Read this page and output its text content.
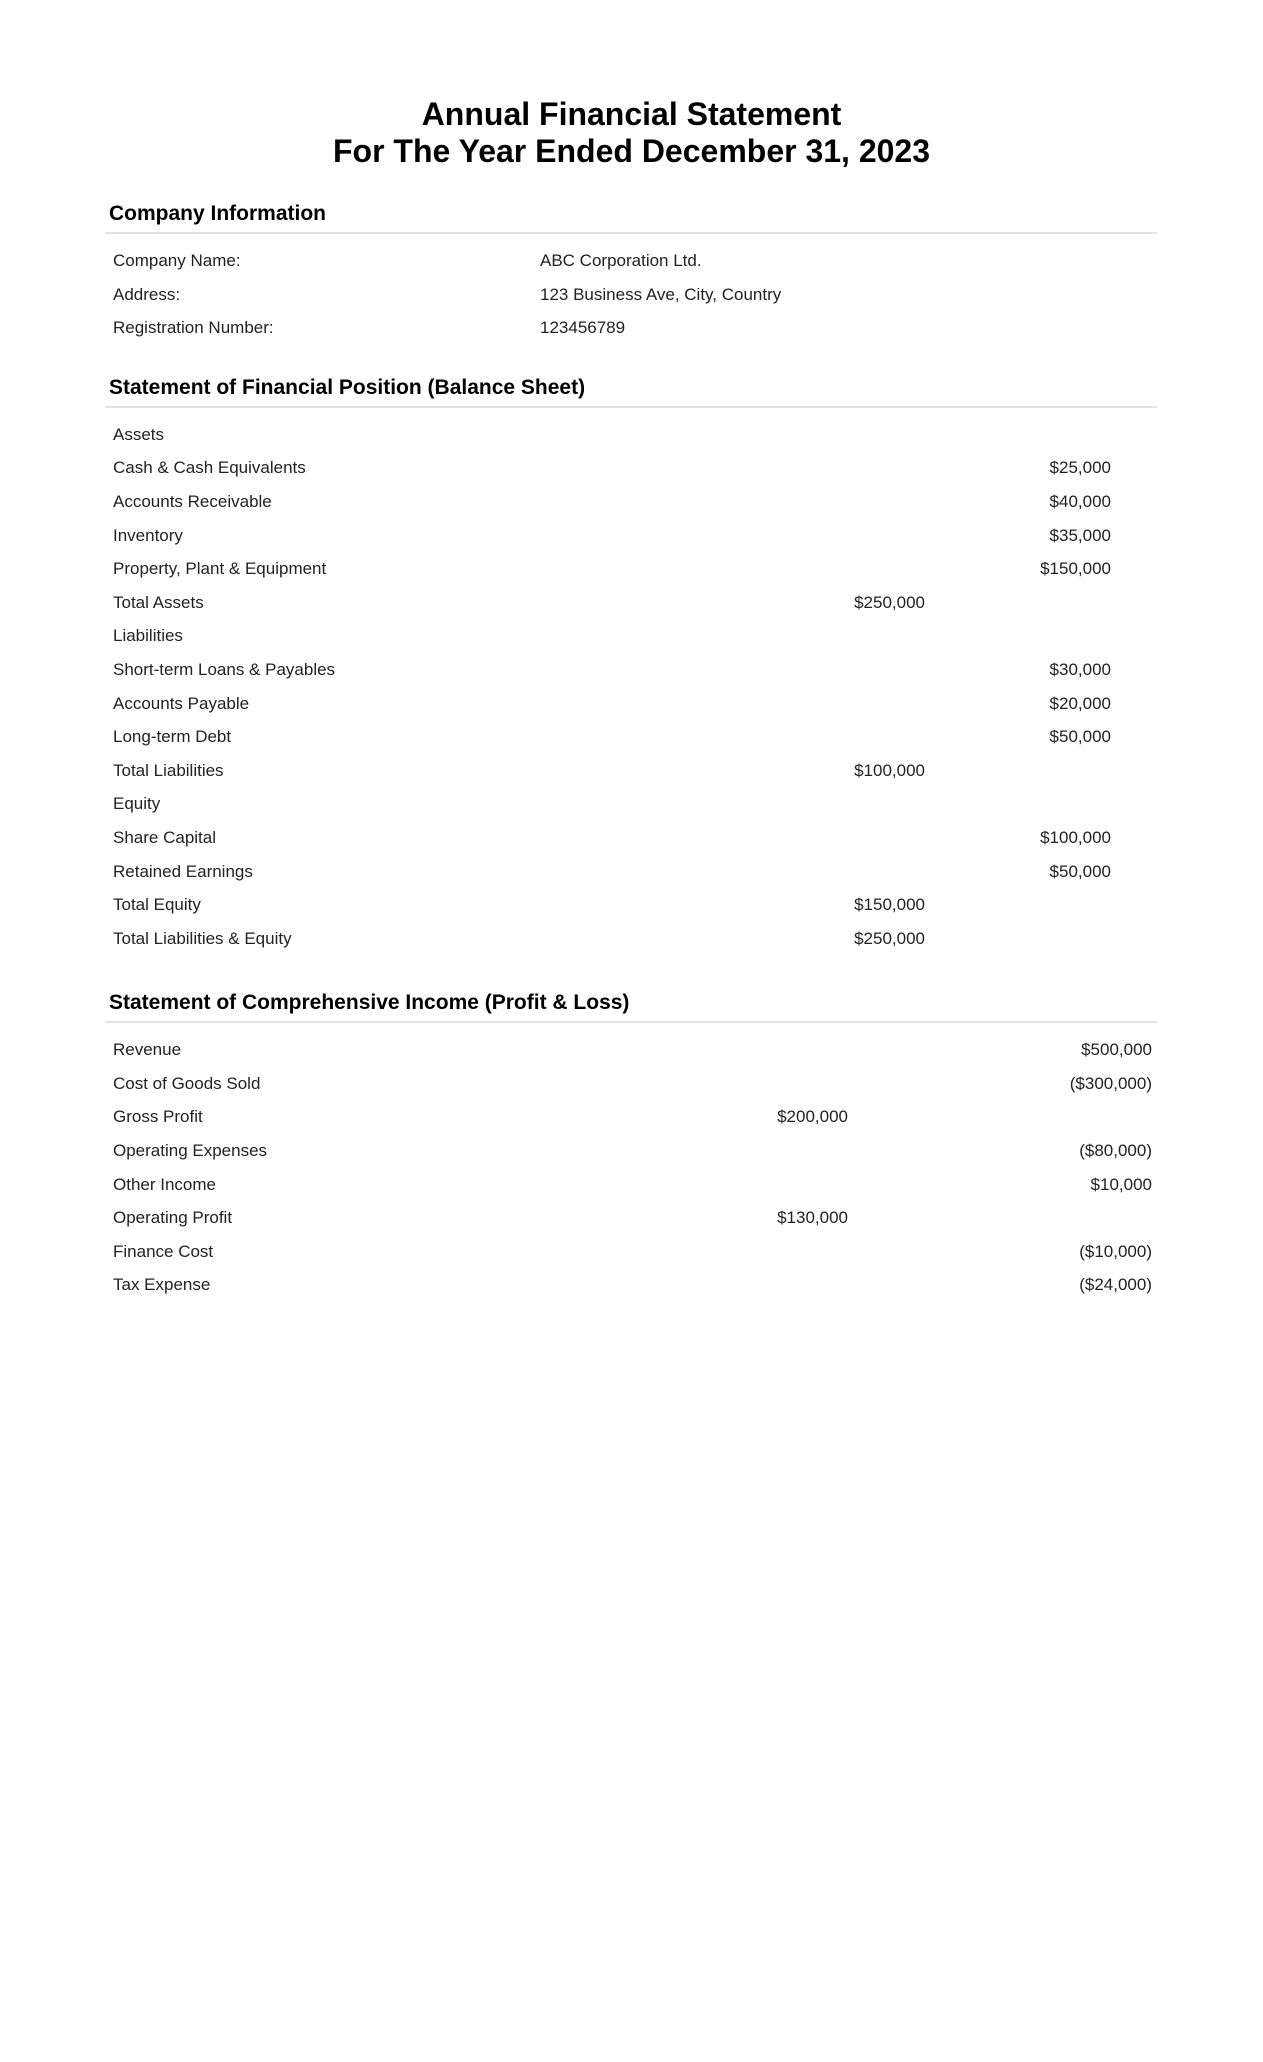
Annual Financial Statement
For The Year Ended December 31, 2023
Company Information
Company Name:	ABC Corporation Ltd.
Address:	123 Business Ave, City, Country
Registration Number:	123456789
Statement of Financial Position (Balance Sheet)
Assets
Cash & Cash Equivalents	$25,000
Accounts Receivable	$40,000
Inventory	$35,000
Property, Plant & Equipment	$150,000
Total Assets	$250,000
Liabilities
Short-term Loans & Payables	$30,000
Accounts Payable	$20,000
Long-term Debt	$50,000
Total Liabilities	$100,000
Equity
Share Capital	$100,000
Retained Earnings	$50,000
Total Equity	$150,000
Total Liabilities & Equity	$250,000
Statement of Comprehensive Income (Profit & Loss)
Revenue	$500,000
Cost of Goods Sold	($300,000)
Gross Profit	$200,000
Operating Expenses	($80,000)
Other Income	$10,000
Operating Profit	$130,000
Finance Cost	($10,000)
Tax Expense	($24,000)
